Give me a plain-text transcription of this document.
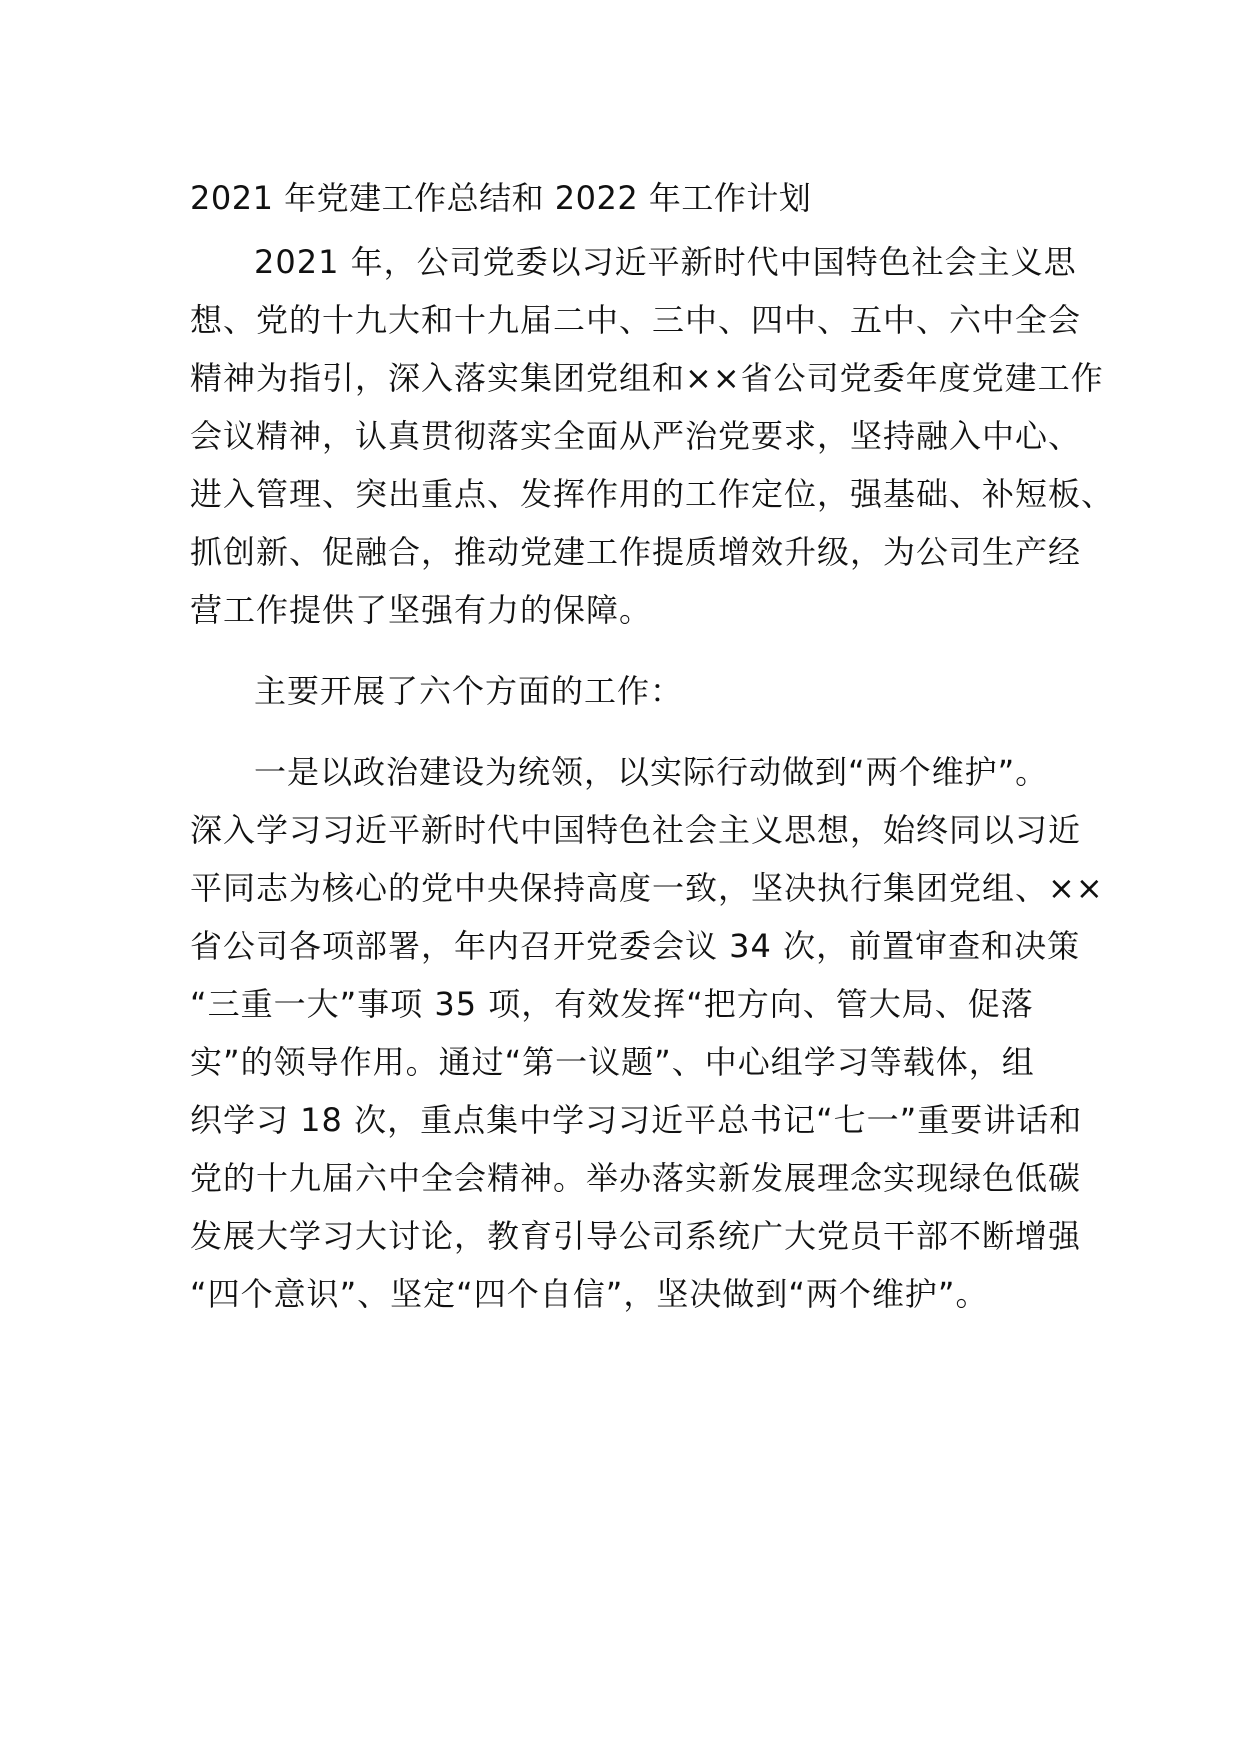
2021 年党建工作总结和 2022 年工作计划
2021 年，公司党委以习近平新时代中国特色社会主义思
想、党的十九大和十九届二中、三中、四中、五中、六中全会
精神为指引，深入落实集团党组和××省公司党委年度党建工作
会议精神，认真贯彻落实全面从严治党要求，坚持融入中心、
进入管理、突出重点、发挥作用的工作定位，强基础、补短板、
抓创新、促融合，推动党建工作提质增效升级，为公司生产经
营工作提供了坚强有力的保障。
主要开展了六个方面的工作：
一是以政治建设为统领，以实际行动做到“两个维护”。
深入学习习近平新时代中国特色社会主义思想，始终同以习近
平同志为核心的党中央保持高度一致，坚决执行集团党组、××
省公司各项部署，年内召开党委会议 34 次，前置审查和决策
“三重一大”事项 35 项，有效发挥“把方向、管大局、促落
实”的领导作用。通过“第一议题”、中心组学习等载体，组
织学习 18 次，重点集中学习习近平总书记“七一”重要讲话和
党的十九届六中全会精神。举办落实新发展理念实现绿色低碳
发展大学习大讨论，教育引导公司系统广大党员干部不断增强
“四个意识”、坚定“四个自信”，坚决做到“两个维护”。
